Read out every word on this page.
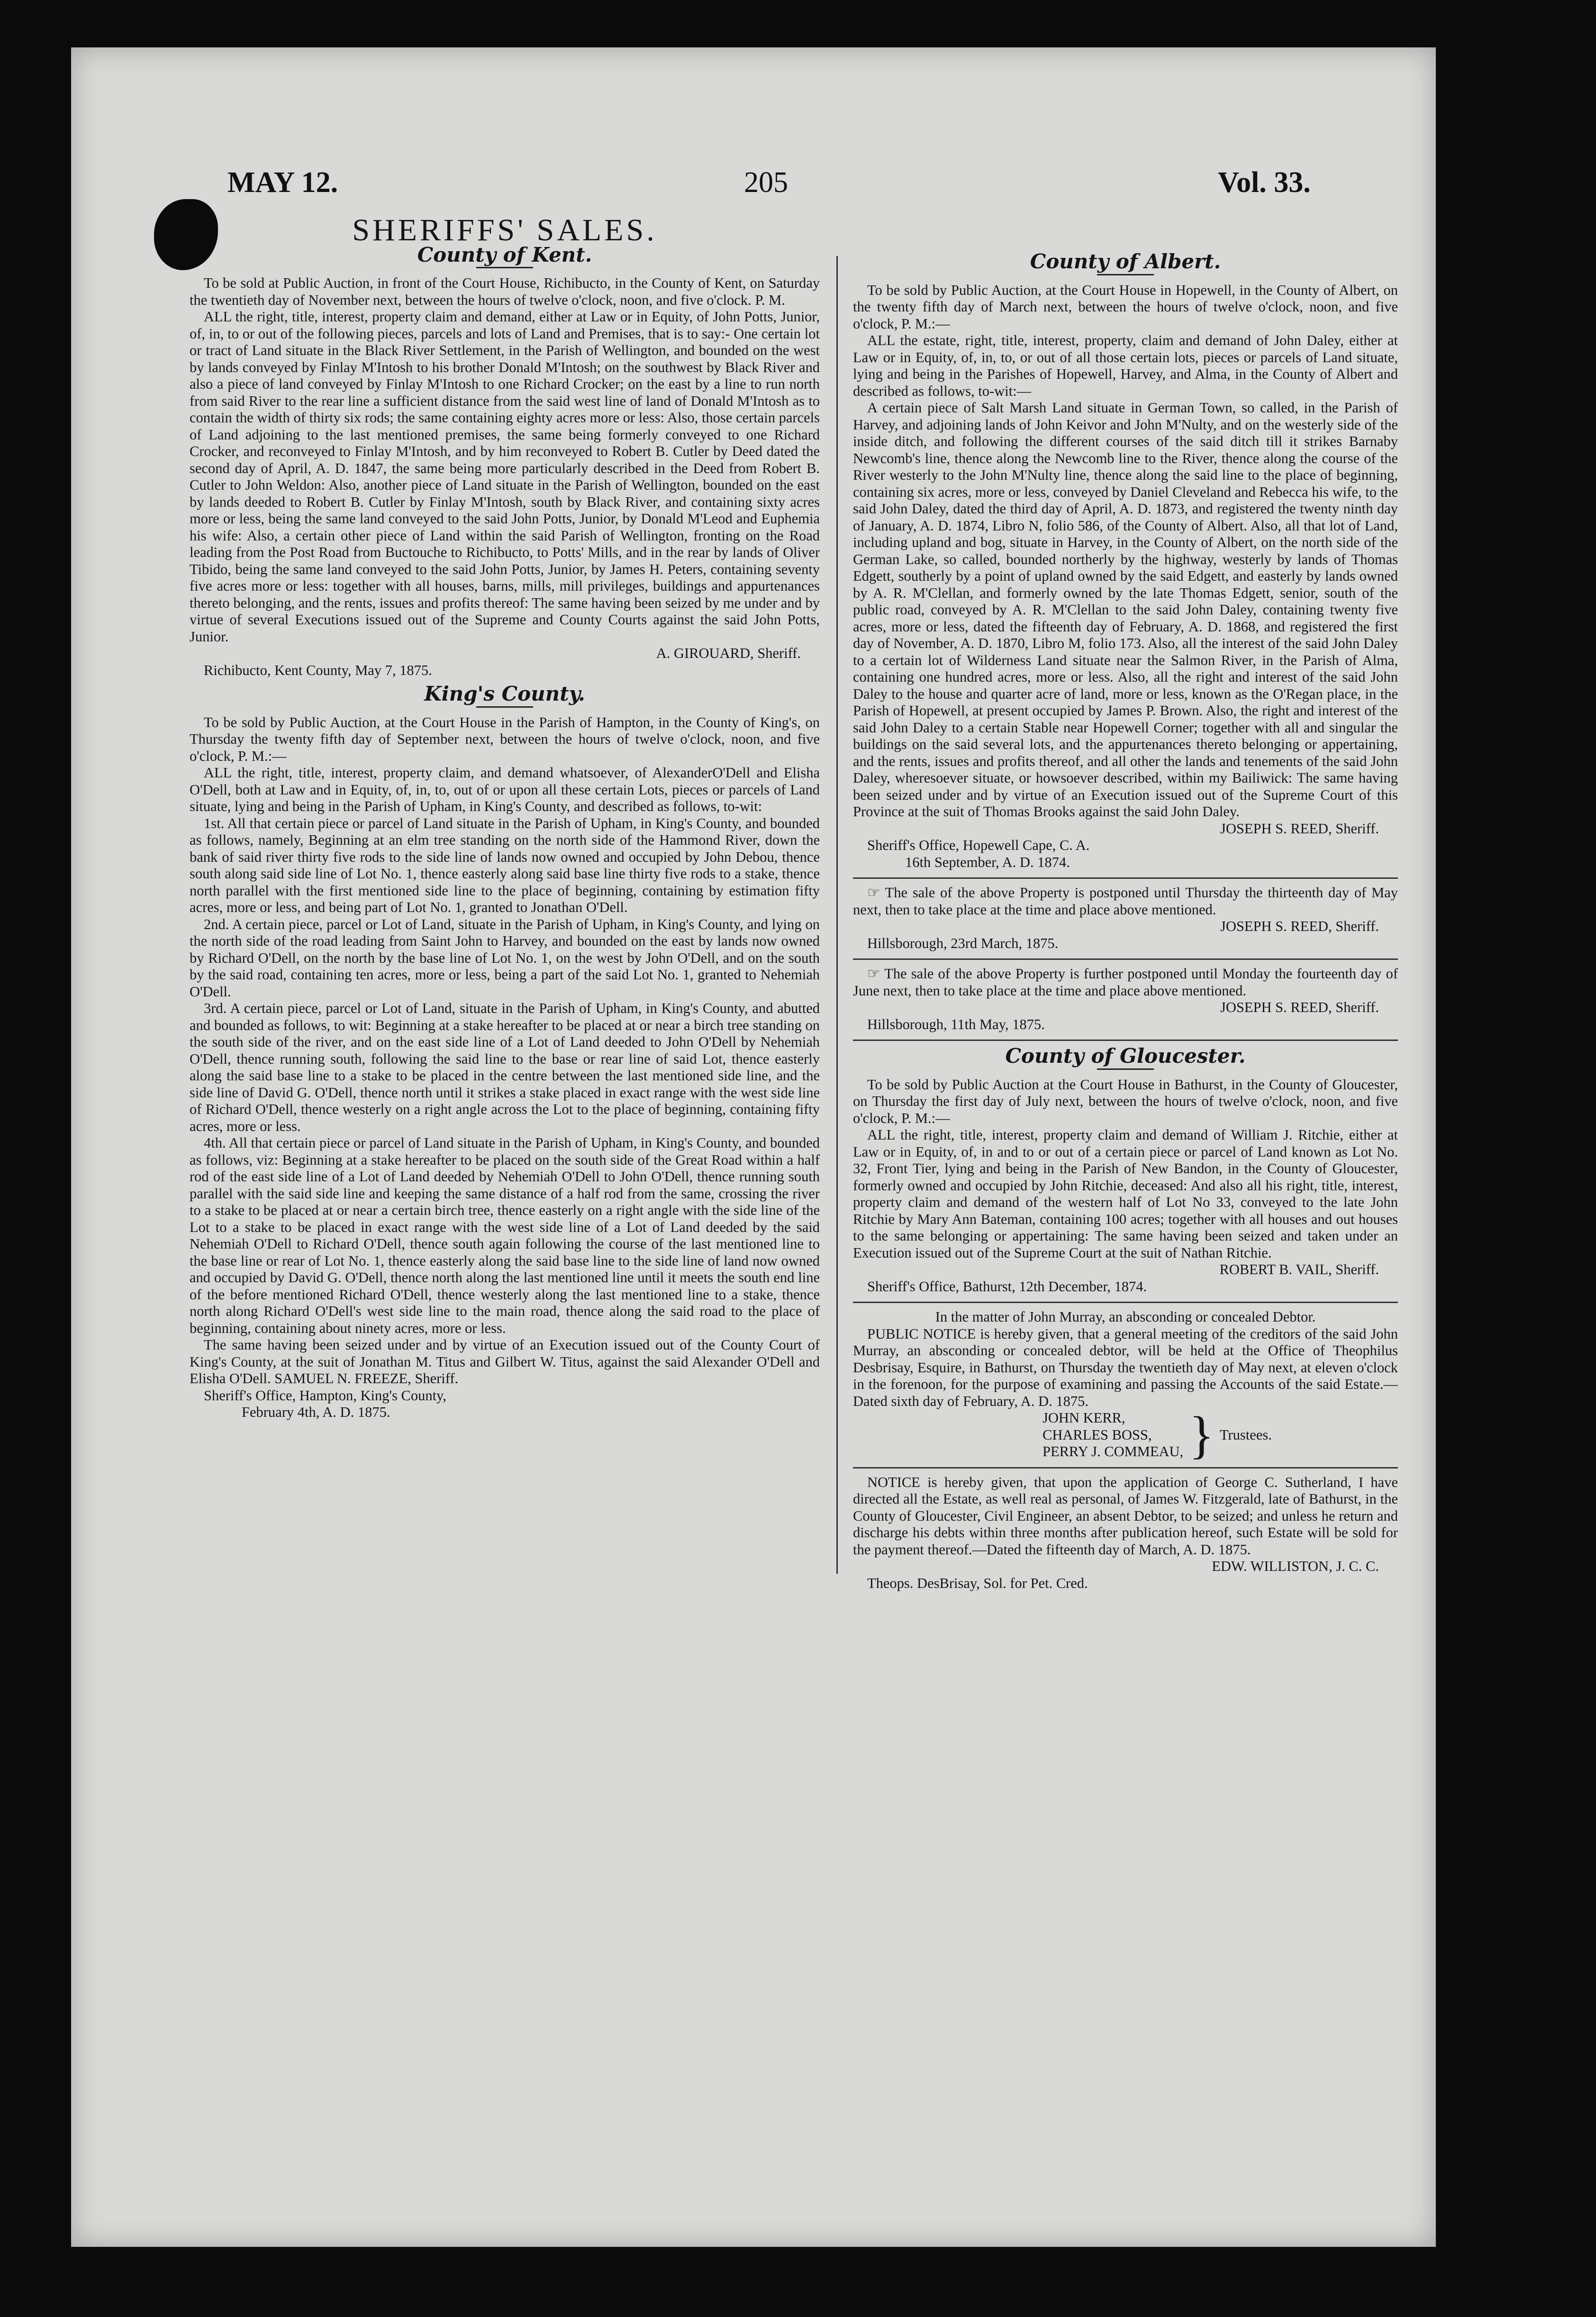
MAY 12.	205	Vol. 33.
SHERIFFS' SALES.
County of Kent.

To be sold at Public Auction, in front of the Court House, Richibucto, in the County of Kent, on Saturday the twentieth day of November next, between the hours of twelve o'clock, noon, and five o'clock. P. M.

ALL the right, title, interest, property claim and demand, either at Law or in Equity, of John Potts, Junior, of, in, to or out of the following pieces, parcels and lots of Land and Premises, that is to say:- One certain lot or tract of Land situate in the Black River Settlement, in the Parish of Wellington, and bounded on the west by lands conveyed by Finlay M'Intosh to his brother Donald M'Intosh; on the southwest by Black River and also a piece of land conveyed by Finlay M'Intosh to one Richard Crocker; on the east by a line to run north from said River to the rear line a sufficient distance from the said west line of land of Donald M'Intosh as to contain the width of thirty six rods; the same containing eighty acres more or less: Also, those certain parcels of Land adjoining to the last mentioned premises, the same being formerly conveyed to one Richard Crocker, and reconveyed to Finlay M'Intosh, and by him reconveyed to Robert B. Cutler by Deed dated the second day of April, A. D. 1847, the same being more particularly described in the Deed from Robert B. Cutler to John Weldon: Also, another piece of Land situate in the Parish of Wellington, bounded on the east by lands deeded to Robert B. Cutler by Finlay M'Intosh, south by Black River, and containing sixty acres more or less, being the same land conveyed to the said John Potts, Junior, by Donald M'Leod and Euphemia his wife: Also, a certain other piece of Land within the said Parish of Wellington, fronting on the Road leading from the Post Road from Buctouche to Richibucto, to Potts' Mills, and in the rear by lands of Oliver Tibido, being the same land conveyed to the said John Potts, Junior, by James H. Peters, containing seventy five acres more or less: together with all houses, barns, mills, mill privileges, buildings and appurtenances thereto belonging, and the rents, issues and profits thereof: The same having been seized by me under and by virtue of several Executions issued out of the Supreme and County Courts against the said John Potts, Junior.

A. GIROUARD, Sheriff.

Richibucto, Kent County, May 7, 1875.

King's County.

To be sold by Public Auction, at the Court House in the Parish of Hampton, in the County of King's, on Thursday the twenty fifth day of September next, between the hours of twelve o'clock, noon, and five o'clock, P. M.:—

ALL the right, title, interest, property claim, and demand whatsoever, of AlexanderO'Dell and Elisha O'Dell, both at Law and in Equity, of, in, to, out of or upon all these certain Lots, pieces or parcels of Land situate, lying and being in the Parish of Upham, in King's County, and described as follows, to-wit:

1st. All that certain piece or parcel of Land situate in the Parish of Upham, in King's County, and bounded as follows, namely, Beginning at an elm tree standing on the north side of the Hammond River, down the bank of said river thirty five rods to the side line of lands now owned and occupied by John Debou, thence south along said side line of Lot No. 1, thence easterly along said base line thirty five rods to a stake, thence north parallel with the first mentioned side line to the place of beginning, containing by estimation fifty acres, more or less, and being part of Lot No. 1, granted to Jonathan O'Dell.

2nd. A certain piece, parcel or Lot of Land, situate in the Parish of Upham, in King's County, and lying on the north side of the road leading from Saint John to Harvey, and bounded on the east by lands now owned by Richard O'Dell, on the north by the base line of Lot No. 1, on the west by John O'Dell, and on the south by the said road, containing ten acres, more or less, being a part of the said Lot No. 1, granted to Nehemiah O'Dell.

3rd. A certain piece, parcel or Lot of Land, situate in the Parish of Upham, in King's County, and abutted and bounded as follows, to wit: Beginning at a stake hereafter to be placed at or near a birch tree standing on the south side of the river, and on the east side line of a Lot of Land deeded to John O'Dell by Nehemiah O'Dell, thence running south, following the said line to the base or rear line of said Lot, thence easterly along the said base line to a stake to be placed in the centre between the last mentioned side line, and the side line of David G. O'Dell, thence north until it strikes a stake placed in exact range with the west side line of Richard O'Dell, thence westerly on a right angle across the Lot to the place of beginning, containing fifty acres, more or less.

4th. All that certain piece or parcel of Land situate in the Parish of Upham, in King's County, and bounded as follows, viz: Beginning at a stake hereafter to be placed on the south side of the Great Road within a half rod of the east side line of a Lot of Land deeded by Nehemiah O'Dell to John O'Dell, thence running south parallel with the said side line and keeping the same distance of a half rod from the same, crossing the river to a stake to be placed at or near a certain birch tree, thence easterly on a right angle with the side line of the Lot to a stake to be placed in exact range with the west side line of a Lot of Land deeded by the said Nehemiah O'Dell to Richard O'Dell, thence south again following the course of the last mentioned line to the base line or rear of Lot No. 1, thence easterly along the said base line to the side line of land now owned and occupied by David G. O'Dell, thence north along the last mentioned line until it meets the south end line of the before mentioned Richard O'Dell, thence westerly along the last mentioned line to a stake, thence north along Richard O'Dell's west side line to the main road, thence along the said road to the place of beginning, containing about ninety acres, more or less.

The same having been seized under and by virtue of an Execution issued out of the County Court of King's County, at the suit of Jonathan M. Titus and Gilbert W. Titus, against the said Alexander O'Dell and Elisha O'Dell. SAMUEL N. FREEZE, Sheriff.

Sheriff's Office, Hampton, King's County,

February 4th, A. D. 1875.

County of Albert.

To be sold by Public Auction, at the Court House in Hopewell, in the County of Albert, on the twenty fifth day of March next, between the hours of twelve o'clock, noon, and five o'clock, P. M.:—

ALL the estate, right, title, interest, property, claim and demand of John Daley, either at Law or in Equity, of, in, to, or out of all those certain lots, pieces or parcels of Land situate, lying and being in the Parishes of Hopewell, Harvey, and Alma, in the County of Albert and described as follows, to-wit:—

A certain piece of Salt Marsh Land situate in German Town, so called, in the Parish of Harvey, and adjoining lands of John Keivor and John M'Nulty, and on the westerly side of the inside ditch, and following the different courses of the said ditch till it strikes Barnaby Newcomb's line, thence along the Newcomb line to the River, thence along the course of the River westerly to the John M'Nulty line, thence along the said line to the place of beginning, containing six acres, more or less, conveyed by Daniel Cleveland and Rebecca his wife, to the said John Daley, dated the third day of April, A. D. 1873, and registered the twenty ninth day of January, A. D. 1874, Libro N, folio 586, of the County of Albert. Also, all that lot of Land, including upland and bog, situate in Harvey, in the County of Albert, on the north side of the German Lake, so called, bounded northerly by the highway, westerly by lands of Thomas Edgett, southerly by a point of upland owned by the said Edgett, and easterly by lands owned by A. R. M'Clellan, and formerly owned by the late Thomas Edgett, senior, south of the public road, conveyed by A. R. M'Clellan to the said John Daley, containing twenty five acres, more or less, dated the fifteenth day of February, A. D. 1868, and registered the first day of November, A. D. 1870, Libro M, folio 173. Also, all the interest of the said John Daley to a certain lot of Wilderness Land situate near the Salmon River, in the Parish of Alma, containing one hundred acres, more or less. Also, all the right and interest of the said John Daley to the house and quarter acre of land, more or less, known as the O'Regan place, in the Parish of Hopewell, at present occupied by James P. Brown. Also, the right and interest of the said John Daley to a certain Stable near Hopewell Corner; together with all and singular the buildings on the said several lots, and the appurtenances thereto belonging or appertaining, and the rents, issues and profits thereof, and all other the lands and tenements of the said John Daley, wheresoever situate, or howsoever described, within my Bailiwick: The same having been seized under and by virtue of an Execution issued out of the Supreme Court of this Province at the suit of Thomas Brooks against the said John Daley.

JOSEPH S. REED, Sheriff.

Sheriff's Office, Hopewell Cape, C. A.

16th September, A. D. 1874.

☞ The sale of the above Property is postponed until Thursday the thirteenth day of May next, then to take place at the time and place above mentioned.

JOSEPH S. REED, Sheriff.

Hillsborough, 23rd March, 1875.

☞ The sale of the above Property is further postponed until Monday the fourteenth day of June next, then to take place at the time and place above mentioned.

JOSEPH S. REED, Sheriff.

Hillsborough, 11th May, 1875.

County of Gloucester.

To be sold by Public Auction at the Court House in Bathurst, in the County of Gloucester, on Thursday the first day of July next, between the hours of twelve o'clock, noon, and five o'clock, P. M.:—

ALL the right, title, interest, property claim and demand of William J. Ritchie, either at Law or in Equity, of, in and to or out of a certain piece or parcel of Land known as Lot No. 32, Front Tier, lying and being in the Parish of New Bandon, in the County of Gloucester, formerly owned and occupied by John Ritchie, deceased: And also all his right, title, interest, property claim and demand of the western half of Lot No 33, conveyed to the late John Ritchie by Mary Ann Bateman, containing 100 acres; together with all houses and out houses to the same belonging or appertaining: The same having been seized and taken under an Execution issued out of the Supreme Court at the suit of Nathan Ritchie.

ROBERT B. VAIL, Sheriff.

Sheriff's Office, Bathurst, 12th December, 1874.

In the matter of John Murray, an absconding or concealed Debtor.

PUBLIC NOTICE is hereby given, that a general meeting of the creditors of the said John Murray, an absconding or concealed debtor, will be held at the Office of Theophilus Desbrisay, Esquire, in Bathurst, on Thursday the twentieth day of May next, at eleven o'clock in the forenoon, for the purpose of examining and passing the Accounts of the said Estate.—Dated sixth day of February, A. D. 1875.

JOHN KERR,
CHARLES BOSS,
PERRY J. COMMEAU, } Trustees.

NOTICE is hereby given, that upon the application of George C. Sutherland, I have directed all the Estate, as well real as personal, of James W. Fitzgerald, late of Bathurst, in the County of Gloucester, Civil Engineer, an absent Debtor, to be seized; and unless he return and discharge his debts within three months after publication hereof, such Estate will be sold for the payment thereof.—Dated the fifteenth day of March, A. D. 1875.

EDW. WILLISTON, J. C. C.

Theops. DesBrisay, Sol. for Pet. Cred.
